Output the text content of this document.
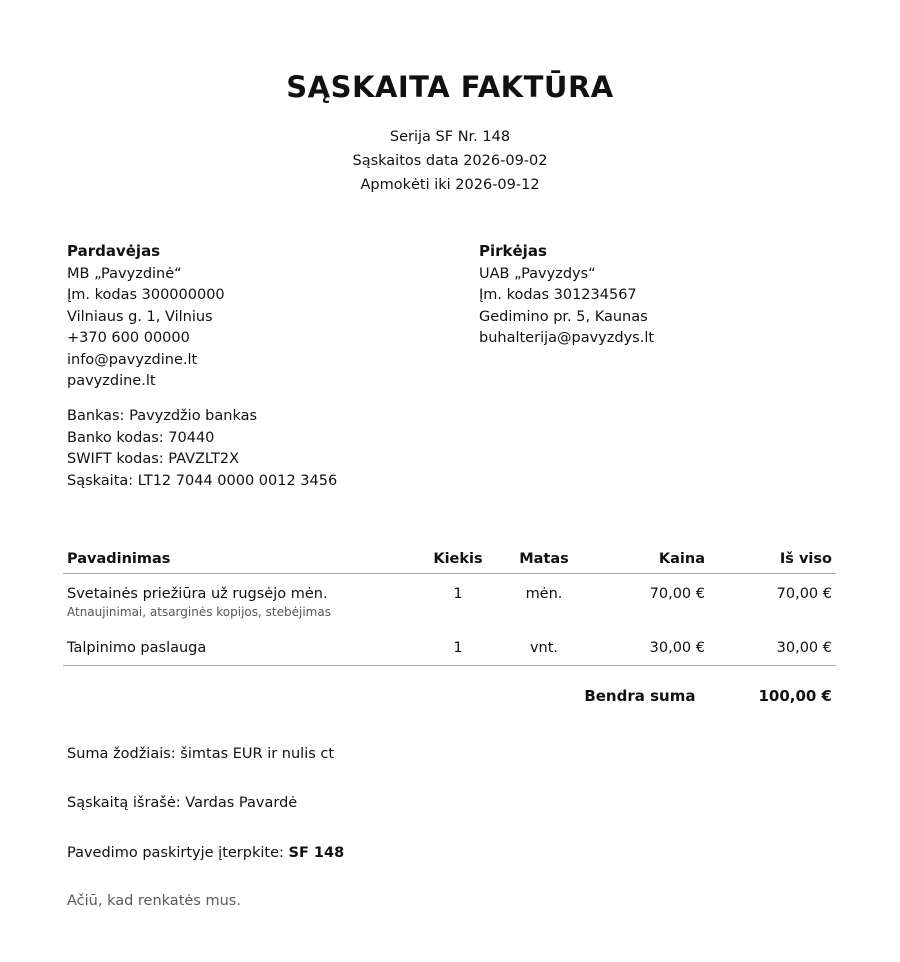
SĄSKAITA FAKTŪRA
Serija SF Nr. 148
Sąskaitos data 2026-09-02
Apmokėti iki 2026-09-12
Pardavėjas
MB „Pavyzdinė“
Įm. kodas 300000000
Vilniaus g. 1, Vilnius
+370 600 00000
info@pavyzdine.lt
pavyzdine.lt
Bankas: Pavyzdžio bankas
Banko kodas: 70440
SWIFT kodas: PAVZLT2X
Sąskaita: LT12 7044 0000 0012 3456
Pirkėjas
UAB „Pavyzdys“
Įm. kodas 301234567
Gedimino pr. 5, Kaunas
buhalterija@pavyzdys.lt
Pavadinimas	Kiekis	Matas	Kaina	Iš viso

Svetainės priežiūra už rugsėjo mėn.
Atnaujinimai, atsarginės kopijos, stebėjimas	1	mėn.	70,00 €	70,00 €

Talpinimo paslauga	1	vnt.	30,00 €	30,00 €
Bendra suma	100,00 €
Suma žodžiais: šimtas EUR ir nulis ct
Sąskaitą išrašė: Vardas Pavardė
Pavedimo paskirtyje įterpkite: SF 148
Ačiū, kad renkatės mus.
